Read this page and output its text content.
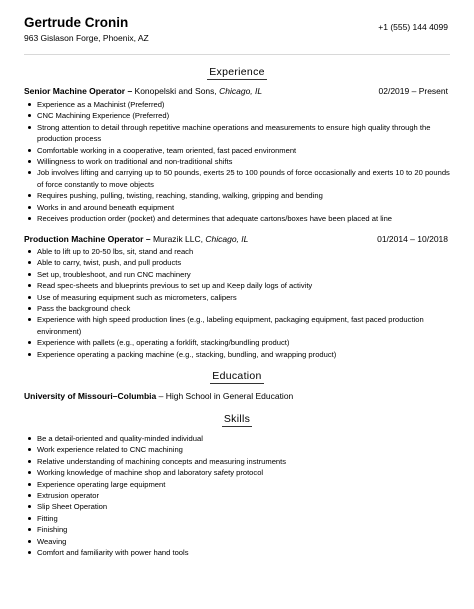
Gertrude Cronin
963 Gislason Forge, Phoenix, AZ
+1 (555) 144 4099
Experience
Senior Machine Operator – Konopelski and Sons, Chicago, IL	02/2019 – Present
Experience as a Machinist (Preferred)
CNC Machining Experience (Preferred)
Strong attention to detail through repetitive machine operations and measurements to ensure high quality through the production process
Comfortable working in a cooperative, team oriented, fast paced environment
Willingness to work on traditional and non-traditional shifts
Job involves lifting and carrying up to 50 pounds, exerts 25 to 100 pounds of force occasionally and exerts 10 to 20 pounds of force constantly to move objects
Requires pushing, pulling, twisting, reaching, standing, walking, gripping and bending
Works in and around beneath equipment
Receives production order (pocket) and determines that adequate cartons/boxes have been placed at line
Production Machine Operator – Murazik LLC, Chicago, IL	01/2014 – 10/2018
Able to lift up to 20-50 lbs, sit, stand and reach
Able to carry, twist, push, and pull products
Set up, troubleshoot, and run CNC machinery
Read spec-sheets and blueprints previous to set up and Keep daily logs of activity
Use of measuring equipment such as micrometers, calipers
Pass the background check
Experience with high speed production lines (e.g., labeling equipment, packaging equipment, fast paced production environment)
Experience with pallets (e.g., operating a forklift, stacking/bundling product)
Experience operating a packing machine (e.g., stacking, bundling, and wrapping product)
Education
University of Missouri–Columbia – High School in General Education
Skills
Be a detail-oriented and quality-minded individual
Work experience related to CNC machining
Relative understanding of machining concepts and measuring instruments
Working knowledge of machine shop and laboratory safety protocol
Experience operating large equipment
Extrusion operator
Slip Sheet Operation
Fitting
Finishing
Weaving
Comfort and familiarity with power hand tools
